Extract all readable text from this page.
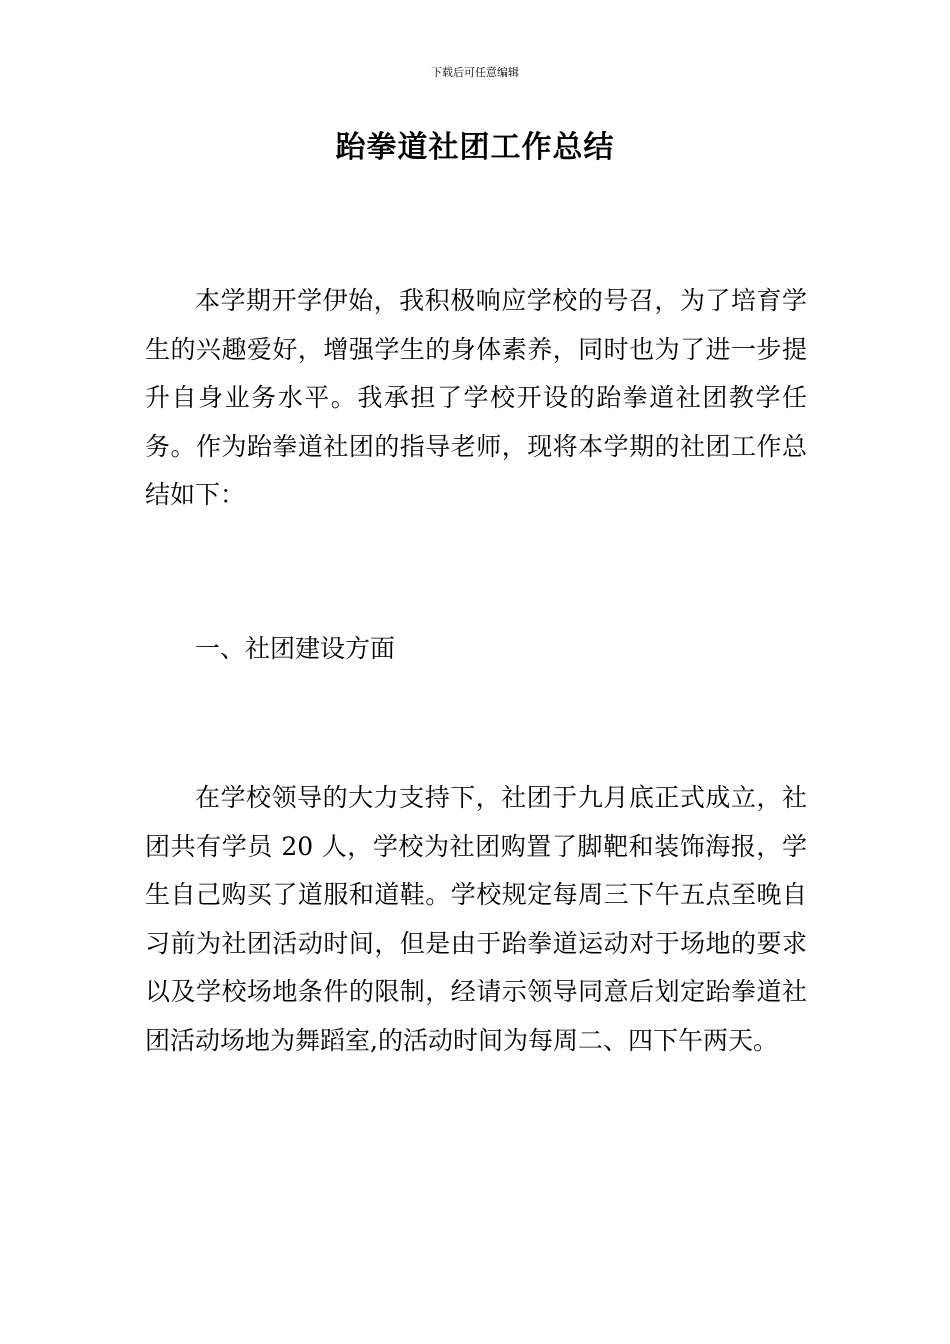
下载后可任意编辑
跆拳道社团工作总结

本学期开学伊始，我积极响应学校的号召，为了培育学生的兴趣爱好，增强学生的身体素养，同时也为了进一步提升自身业务水平。我承担了学校开设的跆拳道社团教学任务。作为跆拳道社团的指导老师，现将本学期的社团工作总结如下：

一、社团建设方面

在学校领导的大力支持下，社团于九月底正式成立，社团共有学员 20 人，学校为社团购置了脚靶和装饰海报，学生自己购买了道服和道鞋。学校规定每周三下午五点至晚自习前为社团活动时间，但是由于跆拳道运动对于场地的要求以及学校场地条件的限制，经请示领导同意后划定跆拳道社团活动场地为舞蹈室,的活动时间为每周二、四下午两天。
